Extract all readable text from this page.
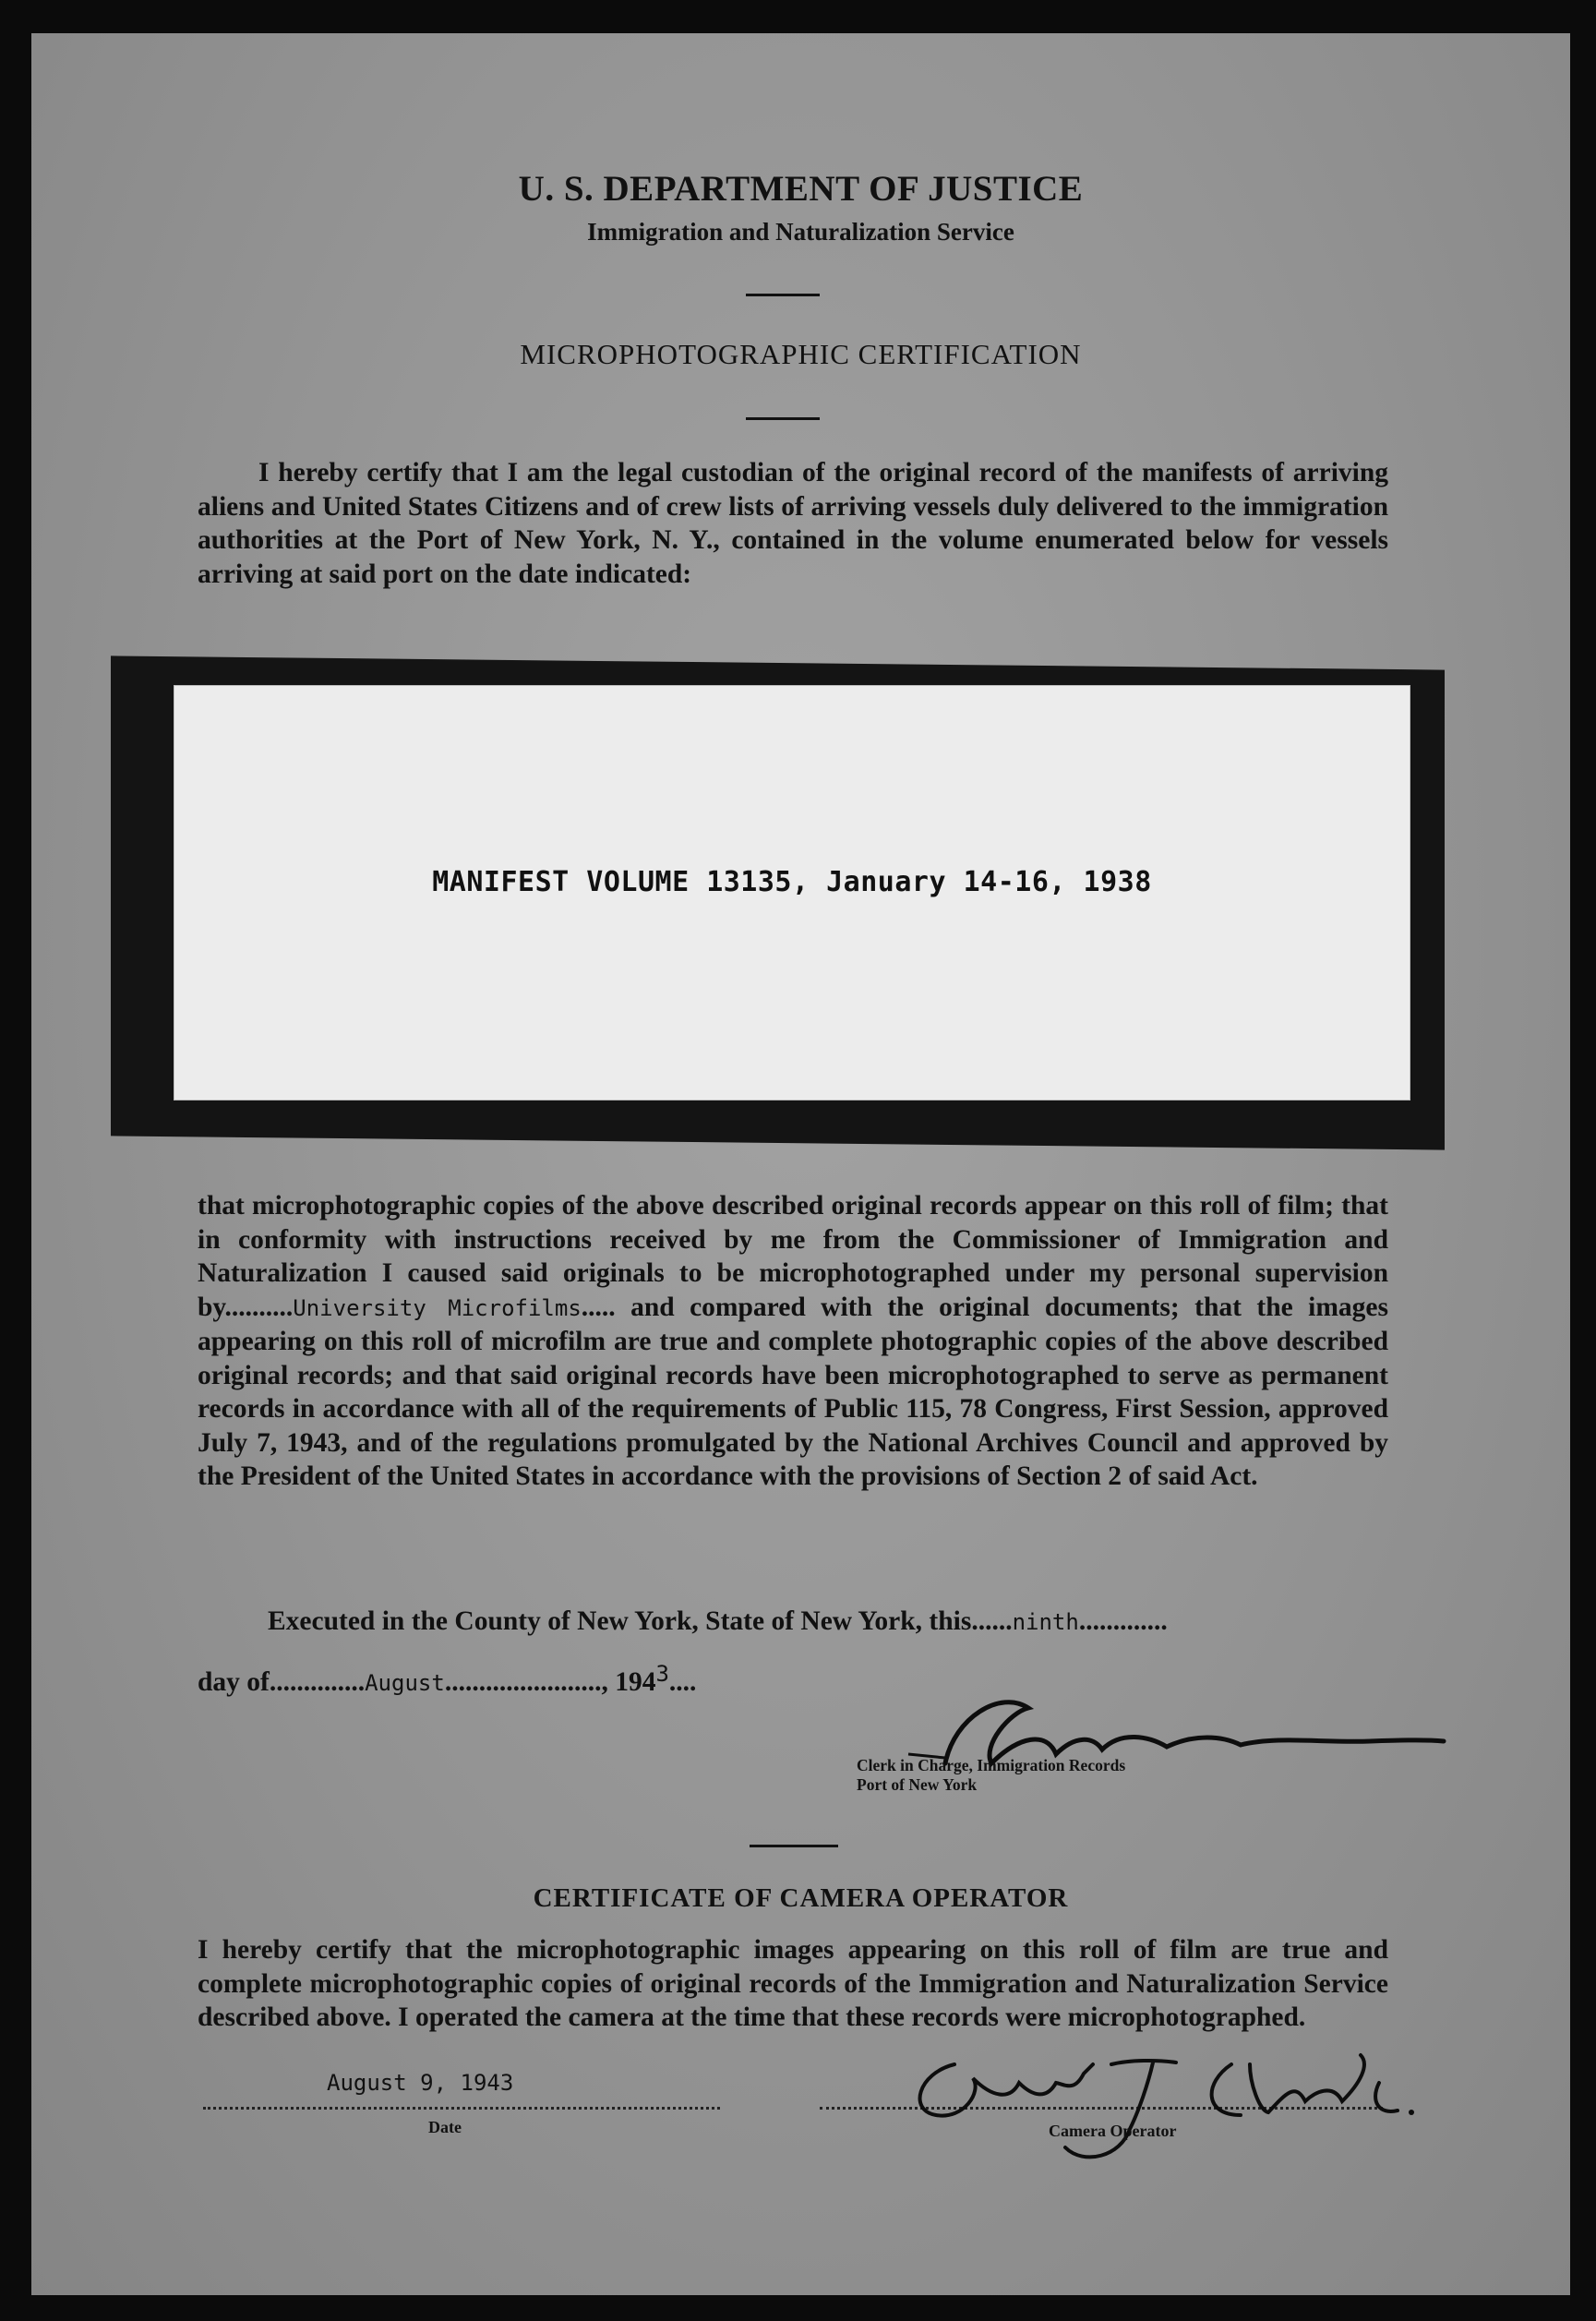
U. S. DEPARTMENT OF JUSTICE
Immigration and Naturalization Service
MICROPHOTOGRAPHIC CERTIFICATION

I hereby certify that I am the legal custodian of the original record of the manifests of arriving aliens and United States Citizens and of crew lists of arriving vessels duly delivered to the immigration authorities at the Port of New York, N. Y., contained in the volume enumerated below for vessels arriving at said port on the date indicated:

MANIFEST VOLUME 13135, January 14-16, 1938

that microphotographic copies of the above described original records appear on this roll of film; that in conformity with instructions received by me from the Commissioner of Immigration and Naturalization I caused said originals to be microphotographed under my personal supervision by..........University Microfilms..... and compared with the original documents; that the images appearing on this roll of microfilm are true and complete photographic copies of the above described original records; and that said original records have been microphotographed to serve as permanent records in accordance with all of the requirements of Public 115, 78 Congress, First Session, approved July 7, 1943, and of the regulations promulgated by the National Archives Council and approved by the President of the United States in accordance with the provisions of Section 2 of said Act.

Executed in the County of New York, State of New York, this......ninth.............
day of..............August......................., $194^3$....
Clerk in Charge, Immigration Records
Port of New York
CERTIFICATE OF CAMERA OPERATOR

I hereby certify that the microphotographic images appearing on this roll of film are true and complete microphotographic copies of original records of the Immigration and Naturalization Service described above. I operated the camera at the time that these records were microphotographed.

August 9, 1943
Date	Camera Operator
